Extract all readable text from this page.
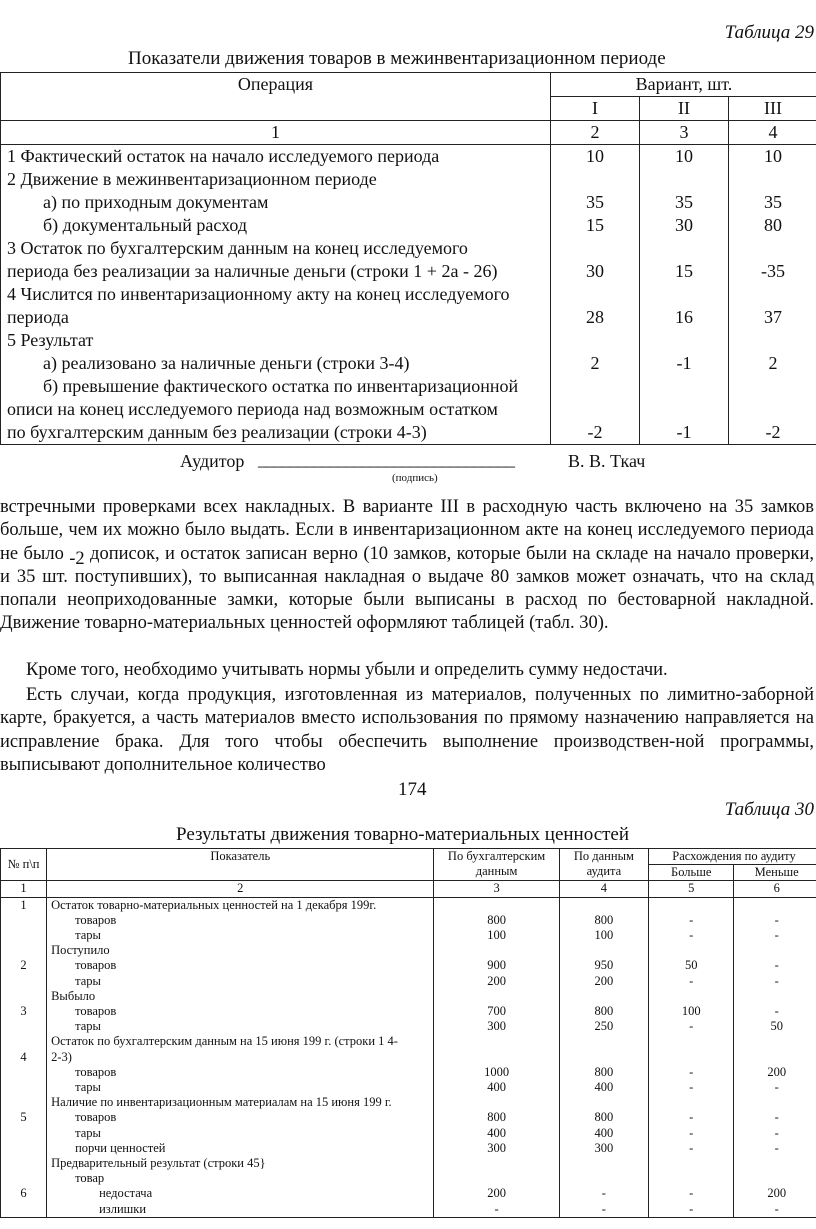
Таблица 29
Показатели движения товаров в межинвентаризационном периоде
Операция	Вариант, шт.		
	I	II	III
1	2	3	4
1 Фактический остаток на начало исследуемого периода	10	10	10
2 Движение в межинвентаризационном периоде			
а) по приходным документам	35	35	35
б) документальный расход	15	30	80
3 Остаток по бухгалтерским данным на конец исследуемого			
периода без реализации за наличные деньги (строки 1 + 2а - 26)	30	15	-35
4 Числится по инвентаризационному акту на конец исследуемого			
периода	28	16	37
5 Результат			
а) реализовано за наличные деньги (строки 3-4)	2	-1	2
б) превышение фактического остатка по инвентаризационной			
описи на конец исследуемого периода над возможным остатком			
по бухгалтерским данным без реализации (строки 4-3)	-2	-1	-2
Аудитор ________________________________	В. В. Ткач
(подпись)
встречными проверками всех накладных. В варианте III в расходную часть включено на 35 замков больше, чем их можно было выдать. Если в инвентаризационном акте на конец исследуемого периода не было -2 дописок, и остаток записан верно (10 замков, которые были на складе на начало проверки, и 35 шт. поступивших), то выписанная накладная о выдаче 80 замков может означать, что на склад попали неоприходованные замки, которые были выписаны в расход по бестоварной накладной. Движение товарно-материальных ценностей оформляют таблицей (табл. 30).
Кроме того, необходимо учитывать нормы убыли и определить сумму недостачи.
Есть случаи, когда продукция, изготовленная из материалов, полученных по лимитно-заборной карте, бракуется, а часть материалов вместо использования по прямому назначению направляется на исправление брака. Для того чтобы обеспечить выполнение производствен-ной программы, выписывают дополнительное количество
174
Таблица 30
Результаты движения товарно-материальных ценностей
№ п\п	Показатель	По бухгалтерским данным	По данным аудита	Расхождения по аудиту	
				Больше	Меньше
1	2	3	4	5	6
1	Остаток товарно-материальных ценностей на 1 декабря 199г.				
	товаров	800	800	-	-
	тары	100	100	-	-
	Поступило				
2	товаров	900	950	50	-
	тары	200	200	-	-
	Выбыло				
3	товаров	700	800	100	-
	тары	300	250	-	50
	Остаток по бухгалтерским данным на 15 июня 199 г. (строки 1 4-				
4	2-3)				
	товаров	1000	800	-	200
	тары	400	400	-	-
	Наличие по инвентаризационным материалам на 15 июня 199 г.				
5	товаров	800	800	-	-
	тары	400	400	-	-
	порчи ценностей	300	300	-	-
	Предварительный результат (строки 45}				
	товар				
6	недостача	200	-	-	200
	излишки	-	-	-	-
